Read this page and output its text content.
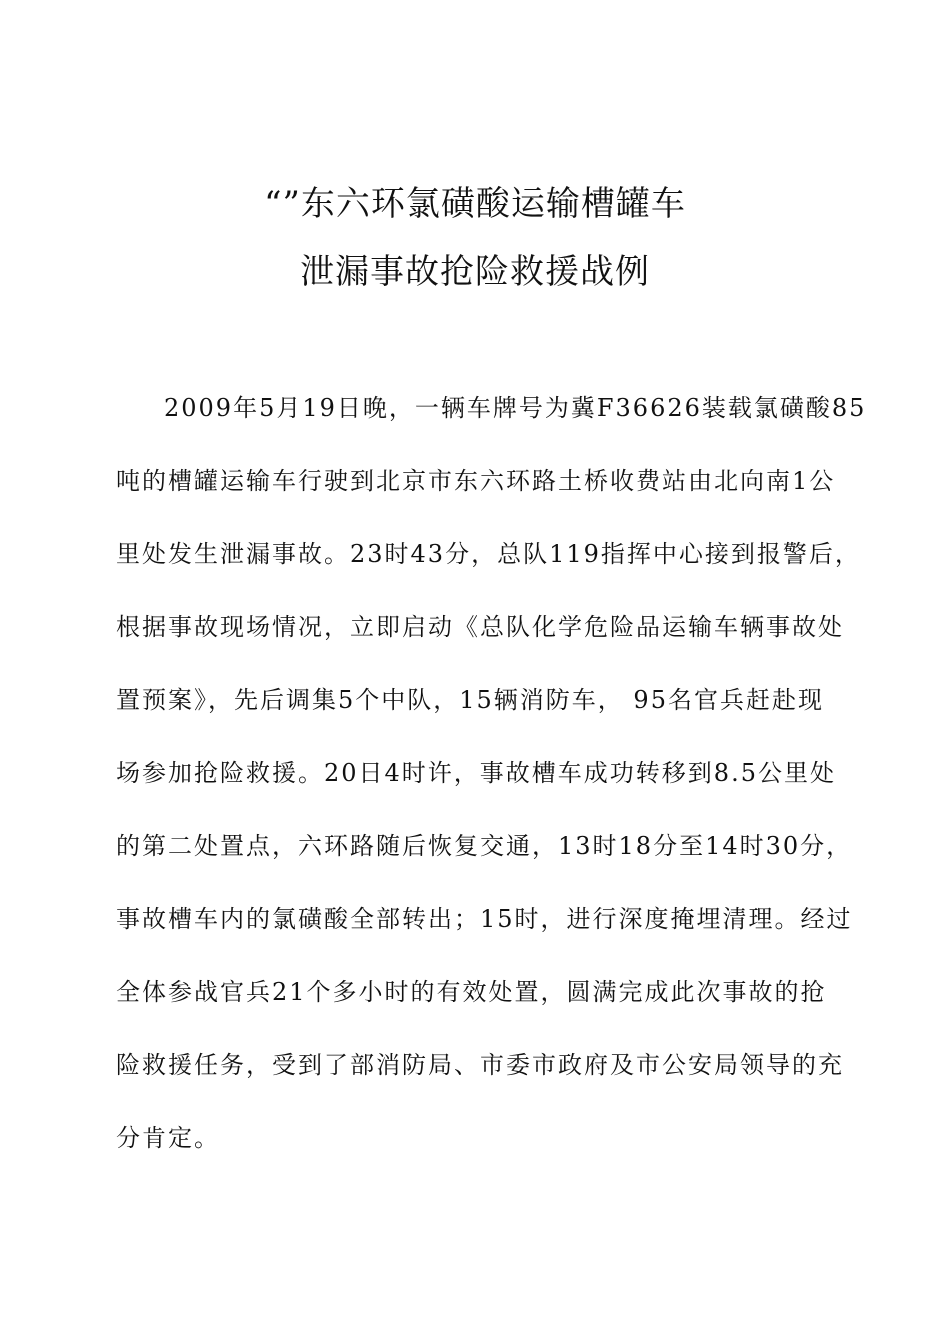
“”东六环氯磺酸运输槽罐车
泄漏事故抢险救援战例
2009年5月19日晚，一辆车牌号为冀F36626装载氯磺酸85
吨的槽罐运输车行驶到北京市东六环路土桥收费站由北向南1公
里处发生泄漏事故。23时43分，总队119指挥中心接到报警后，
根据事故现场情况，立即启动《总队化学危险品运输车辆事故处
置预案》，先后调集5个中队，15辆消防车， 95名官兵赶赴现
场参加抢险救援。20日4时许，事故槽车成功转移到8.5公里处
的第二处置点，六环路随后恢复交通，13时18分至14时30分，
事故槽车内的氯磺酸全部转出；15时，进行深度掩埋清理。经过
全体参战官兵21个多小时的有效处置，圆满完成此次事故的抢
险救援任务，受到了部消防局、市委市政府及市公安局领导的充
分肯定。
